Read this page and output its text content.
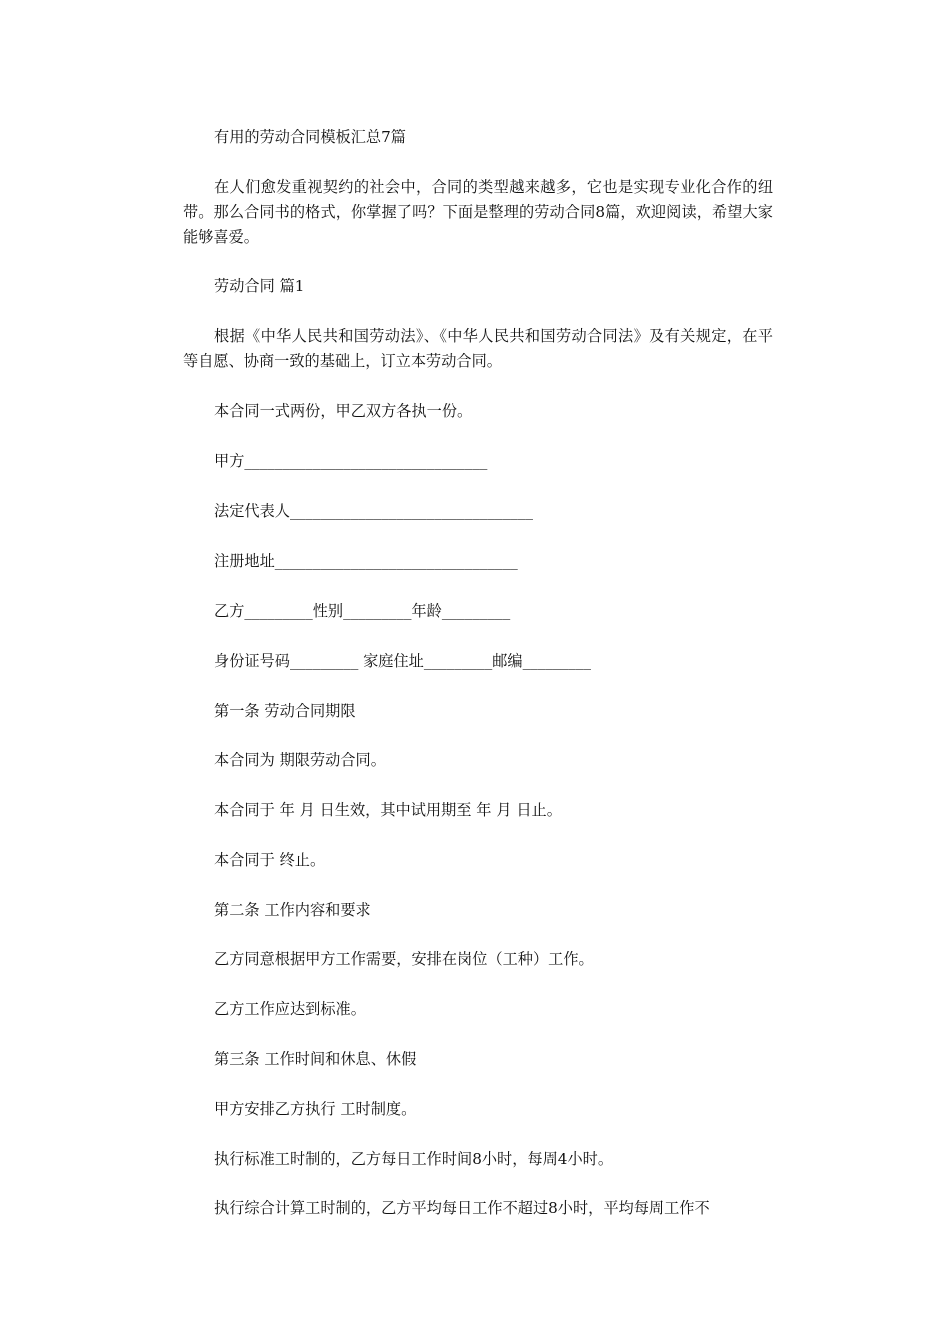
有用的劳动合同模板汇总7篇

在人们愈发重视契约的社会中，合同的类型越来越多，它也是实现专业化合作的纽带。那么合同书的格式，你掌握了吗？下面是整理的劳动合同8篇，欢迎阅读，希望大家能够喜爱。

劳动合同 篇1

根据《中华人民共和国劳动法》、《中华人民共和国劳动合同法》及有关规定，在平等自愿、协商一致的基础上，订立本劳动合同。

本合同一式两份，甲乙双方各执一份。

甲方________________________________

法定代表人________________________________

注册地址________________________________

乙方_________性别_________年龄_________

身份证号码_________ 家庭住址_________邮编_________

第一条 劳动合同期限

本合同为 期限劳动合同。

本合同于 年 月 日生效，其中试用期至 年 月 日止。

本合同于 终止。

第二条 工作内容和要求

乙方同意根据甲方工作需要，安排在岗位（工种）工作。

乙方工作应达到标准。

第三条 工作时间和休息、休假

甲方安排乙方执行 工时制度。

执行标准工时制的，乙方每日工作时间8小时，每周4小时。

执行综合计算工时制的，乙方平均每日工作不超过8小时，平均每周工作不
